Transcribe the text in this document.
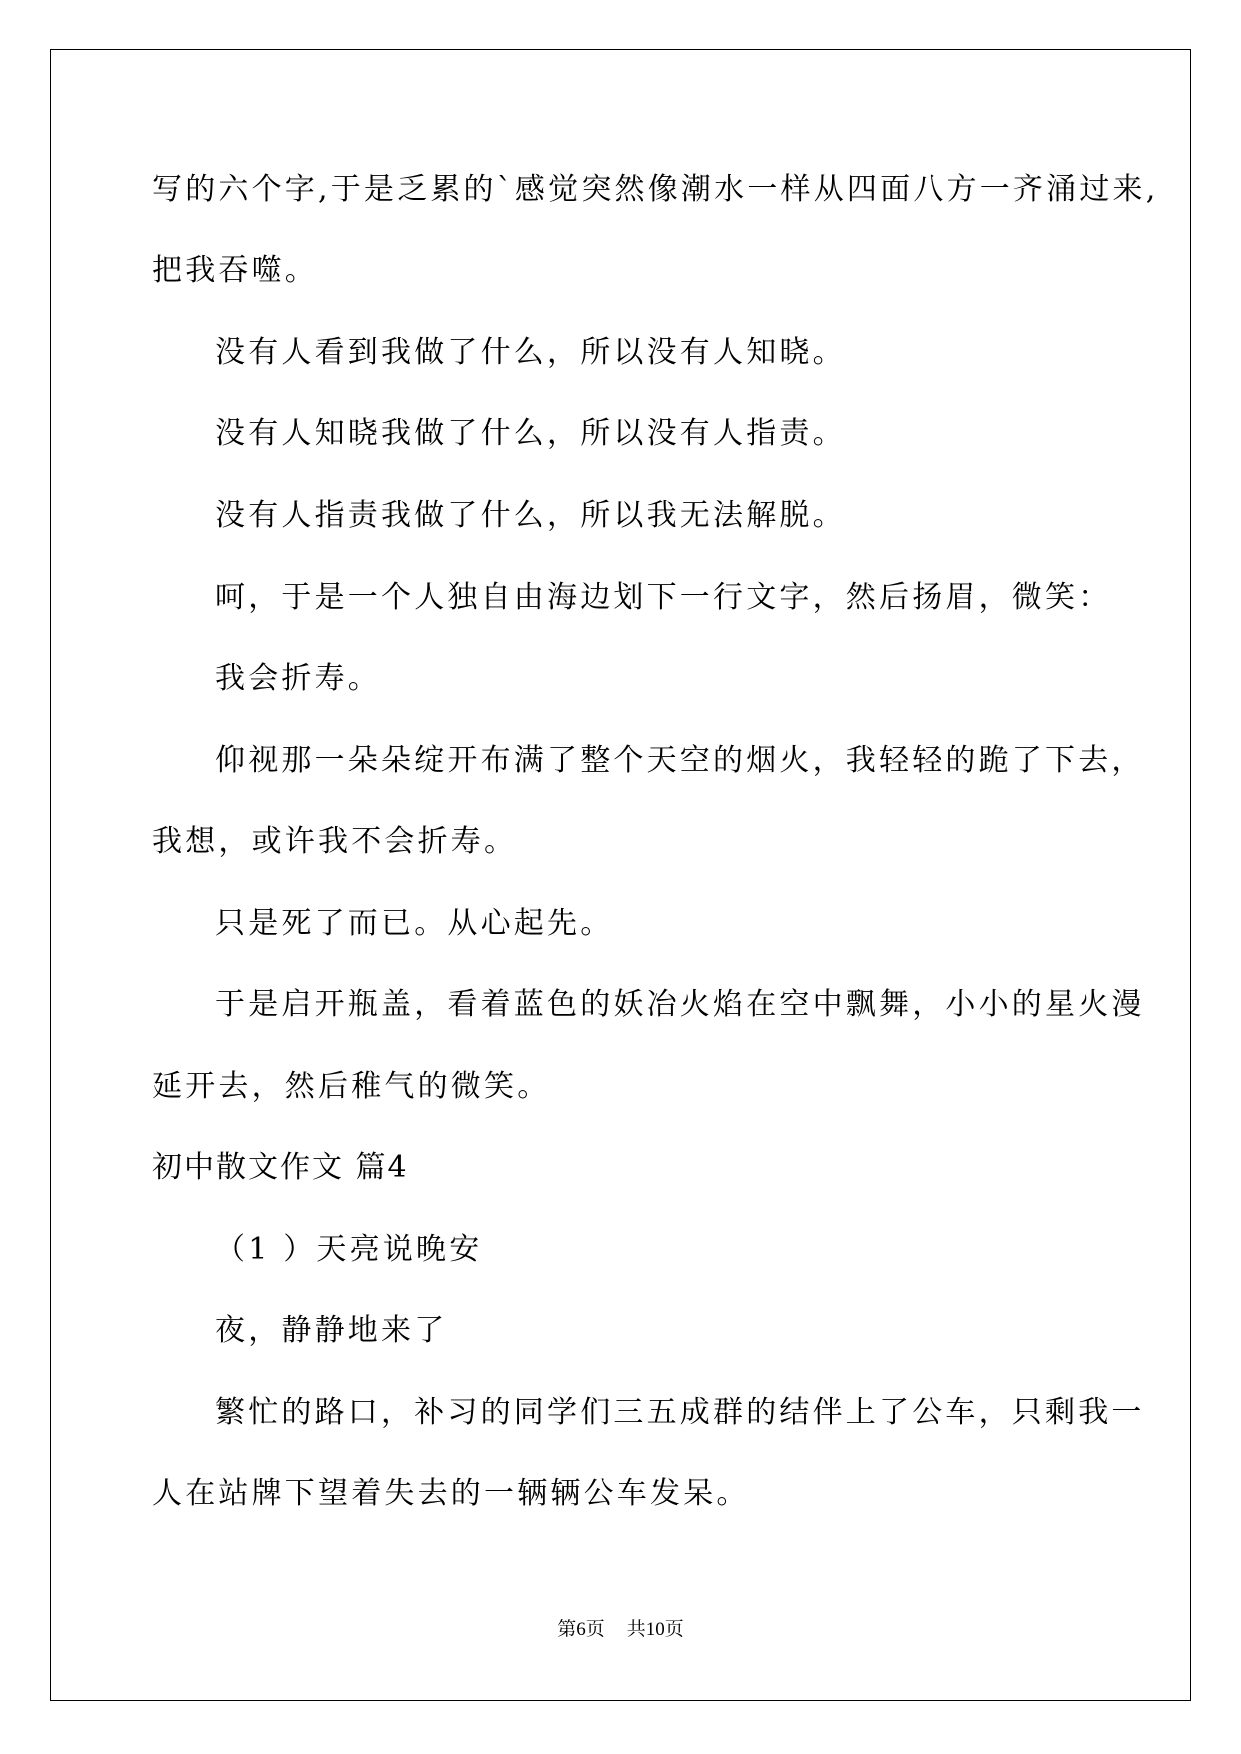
写的六个字,于是乏累的`感觉突然像潮水一样从四面八方一齐涌过来,

把我吞噬。

没有人看到我做了什么，所以没有人知晓。

没有人知晓我做了什么，所以没有人指责。

没有人指责我做了什么，所以我无法解脱。

呵，于是一个人独自由海边划下一行文字，然后扬眉，微笑：

我会折寿。

仰视那一朵朵绽开布满了整个天空的烟火，我轻轻的跪了下去，

我想，或许我不会折寿。

只是死了而已。从心起先。

于是启开瓶盖，看着蓝色的妖冶火焰在空中飘舞，小小的星火漫

延开去，然后稚气的微笑。

初中散文作文 篇4

（1 ）天亮说晚安

夜，静静地来了

繁忙的路口，补习的同学们三五成群的结伴上了公车，只剩我一

人在站牌下望着失去的一辆辆公车发呆。

第6页 共10页
